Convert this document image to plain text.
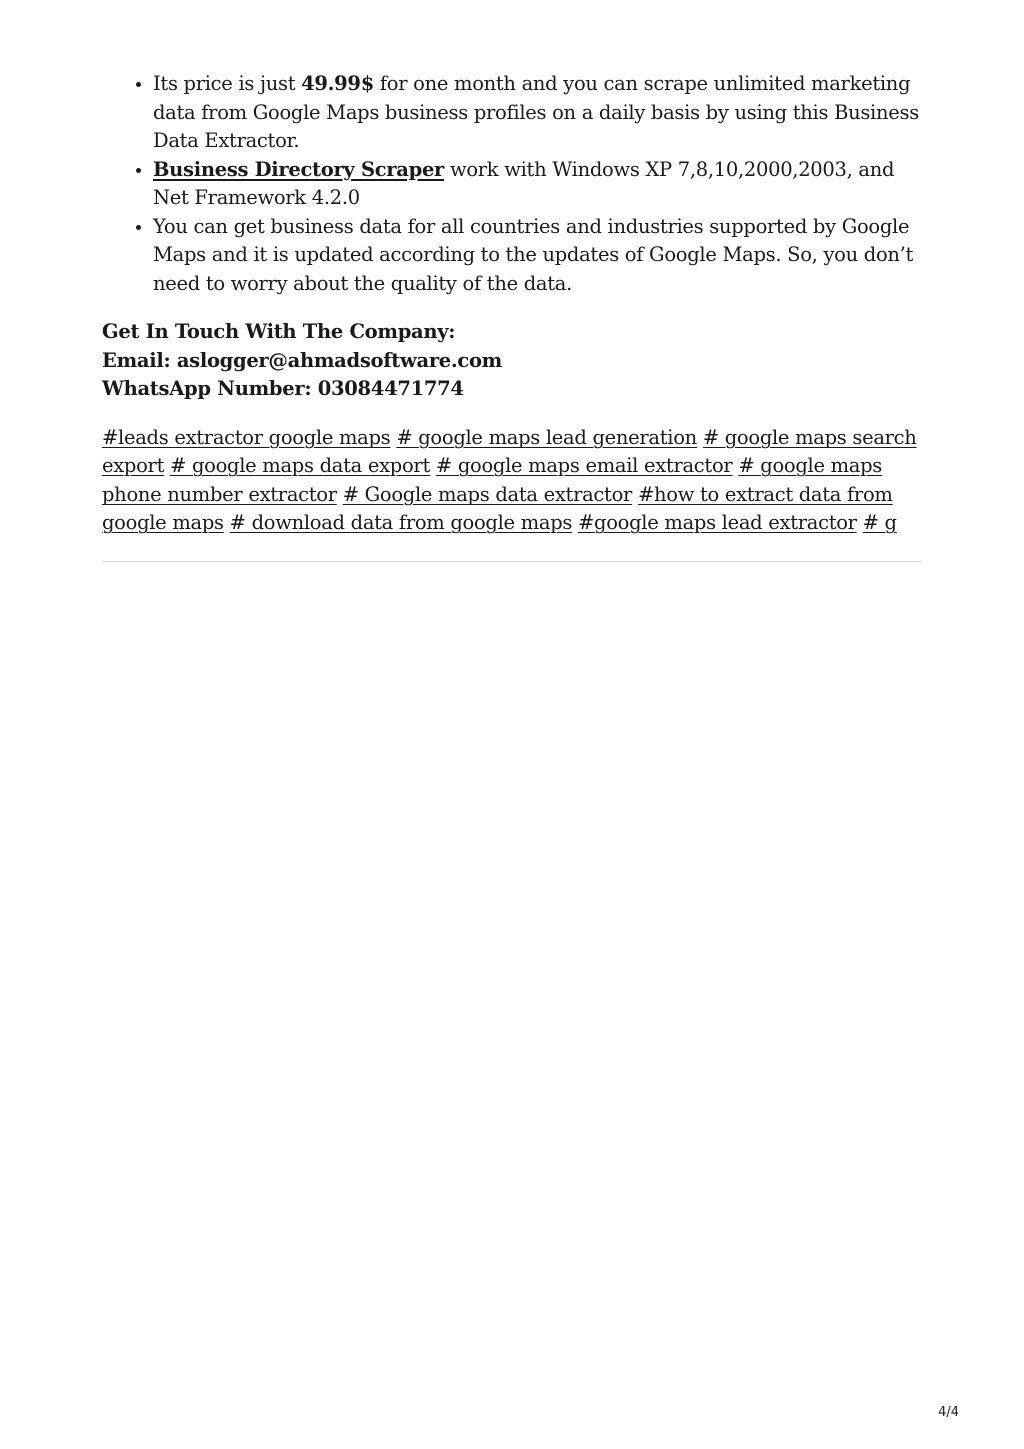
• Its price is just 49.99$ for one month and you can scrape unlimited marketing data from Google Maps business profiles on a daily basis by using this Business Data Extractor.
• Business Directory Scraper work with Windows XP 7,8,10,2000,2003, and Net Framework 4.2.0
• You can get business data for all countries and industries supported by Google Maps and it is updated according to the updates of Google Maps. So, you don’t need to worry about the quality of the data.
Get In Touch With The Company:
Email: aslogger@ahmadsoftware.com
WhatsApp Number: 03084471774
#leads extractor google maps # google maps lead generation # google maps search export # google maps data export # google maps email extractor # google maps phone number extractor # Google maps data extractor #how to extract data from google maps # download data from google maps #google maps lead extractor # g
4/4
